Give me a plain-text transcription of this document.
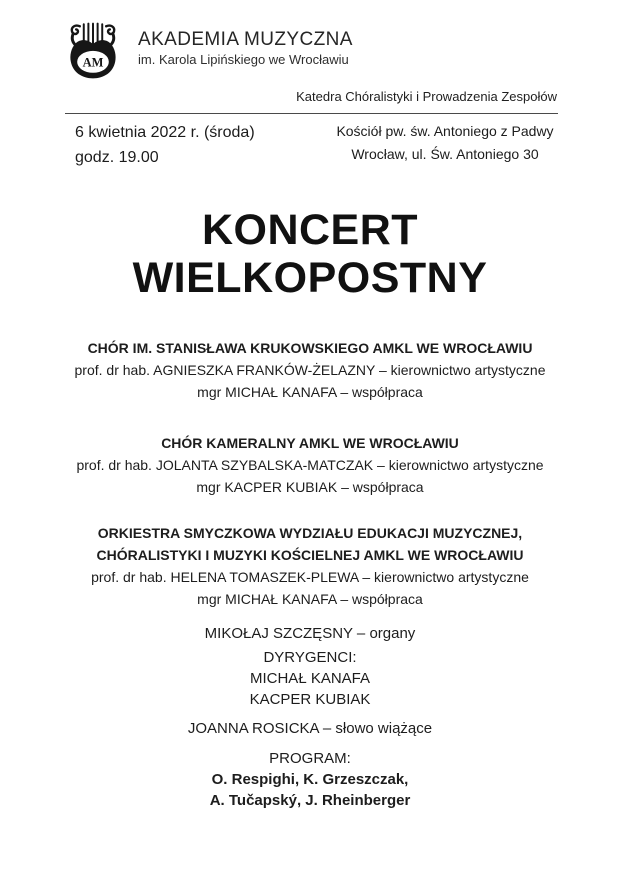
AM
AKADEMIA MUZYCZNA
im. Karola Lipińskiego we Wrocławiu
Katedra Chóralistyki i Prowadzenia Zespołów
6 kwietnia 2022 r. (środa)
godz. 19.00
Kościół pw. św. Antoniego z Padwy
Wrocław, ul. Św. Antoniego 30
KONCERT
WIELKOPOSTNY
CHÓR IM. STANISŁAWA KRUKOWSKIEGO AMKL WE WROCŁAWIU
prof. dr hab. AGNIESZKA FRANKÓW-ŻELAZNY – kierownictwo artystyczne
mgr MICHAŁ KANAFA – współpraca
CHÓR KAMERALNY AMKL WE WROCŁAWIU
prof. dr hab. JOLANTA SZYBALSKA-MATCZAK – kierownictwo artystyczne
mgr KACPER KUBIAK – współpraca
ORKIESTRA SMYCZKOWA WYDZIAŁU EDUKACJI MUZYCZNEJ,
CHÓRALISTYKI I MUZYKI KOŚCIELNEJ AMKL WE WROCŁAWIU
prof. dr hab. HELENA TOMASZEK-PLEWA – kierownictwo artystyczne
mgr MICHAŁ KANAFA – współpraca
MIKOŁAJ SZCZĘSNY – organy
DYRYGENCI:
MICHAŁ KANAFA
KACPER KUBIAK
JOANNA ROSICKA – słowo wiążące
PROGRAM:
O. Respighi, K. Grzeszczak,
A. Tučapský, J. Rheinberger
